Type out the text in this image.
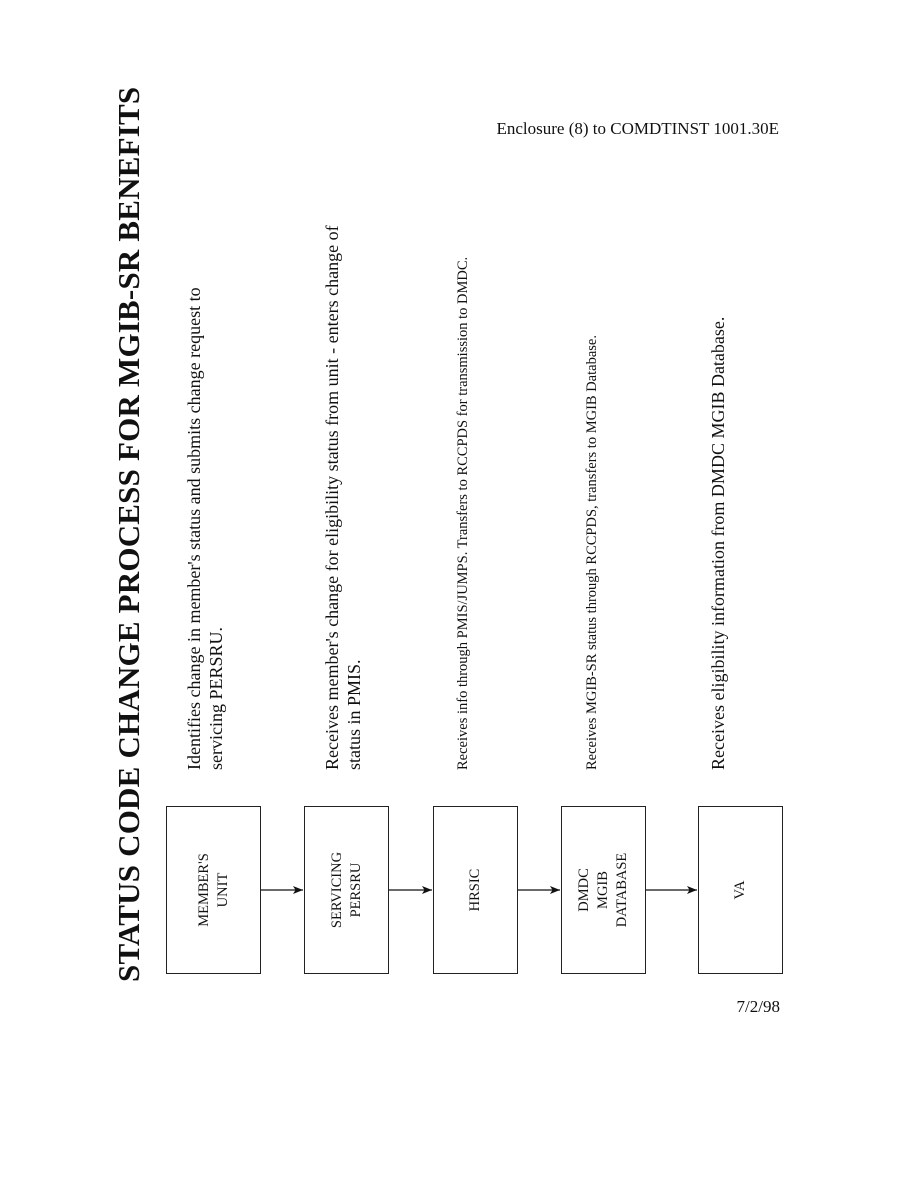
Enclosure (8) to COMDTINST 1001.30E
STATUS CODE CHANGE PROCESS FOR MGIB-SR BENEFITS	MEMBER'S
UNIT
Identifies change in member's status and submits change request to servicing PERSRU.
SERVICING
PERSRU
Receives member's change for eligibility status from unit - enters change of status in PMIS.
HRSIC
Receives info through PMIS/JUMPS. Transfers to RCCPDS for transmission to DMDC.
DMDC
MGIB
DATABASE
Receives MGIB-SR status through RCCPDS, transfers to MGIB Database.
VA
Receives eligibility information from DMDC MGIB Database.
7/2/98
